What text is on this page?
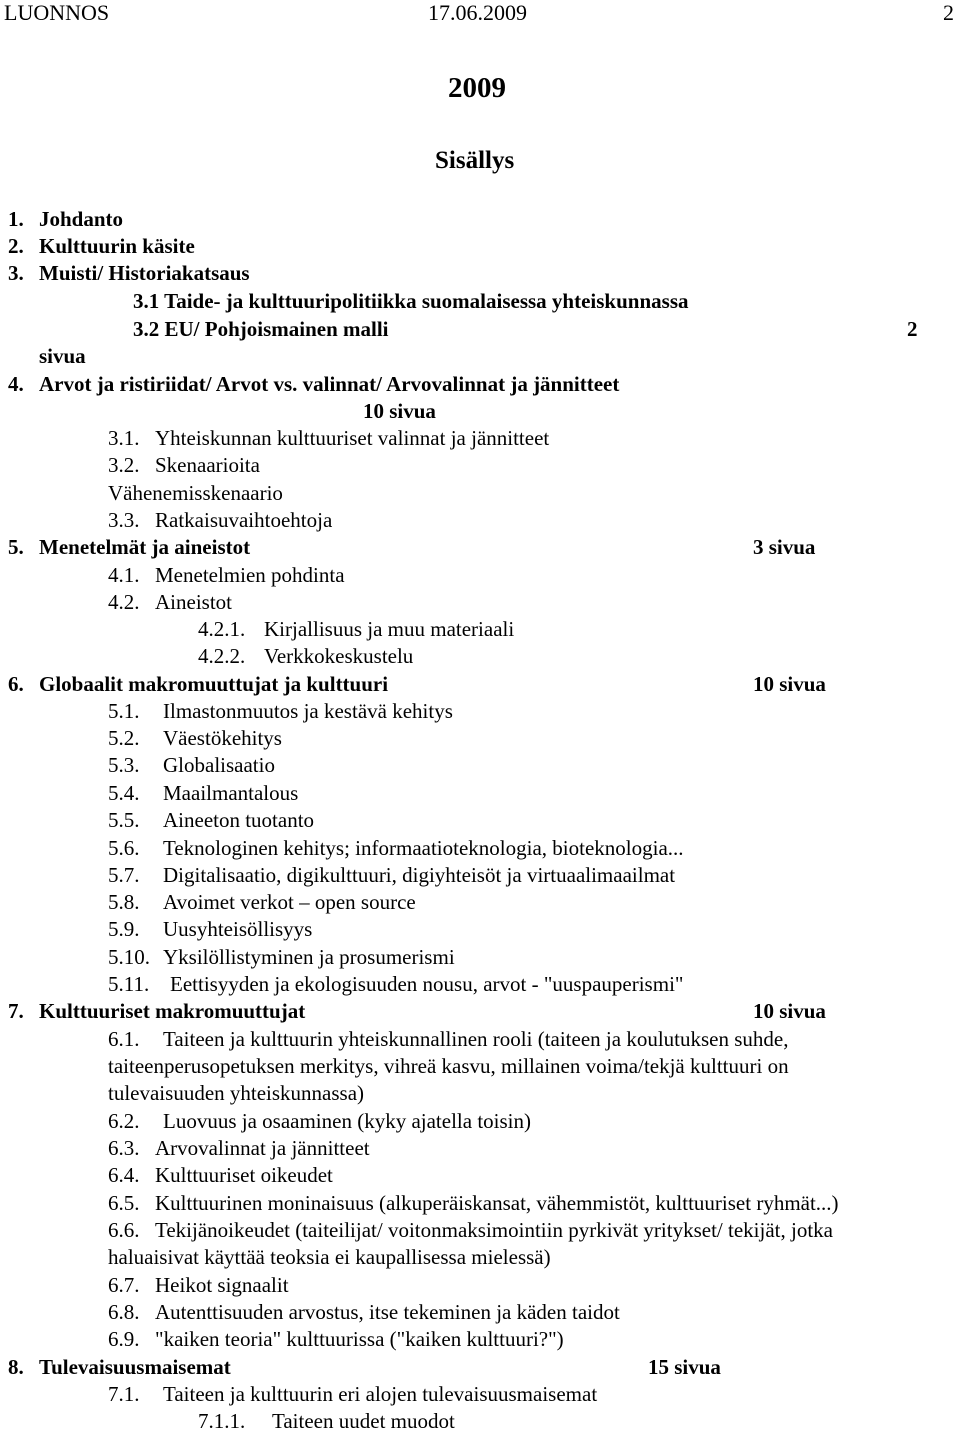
LUONNOS	17.06.2009	2
2009
Sisällys
1. Johdanto
2. Kulttuurin käsite
3. Muisti/ Historiakatsaus
3.1 Taide- ja kulttuuripolitiikka suomalaisessa yhteiskunnassa
3.2 EU/ Pohjoismainen malli	2
sivua
4. Arvot ja ristiriidat/ Arvot vs. valinnat/ Arvovalinnat ja jännitteet
10 sivua
3.1. Yhteiskunnan kulttuuriset valinnat ja jännitteet
3.2. Skenaarioita
Vähenemisskenaario
3.3. Ratkaisuvaihtoehtoja
5. Menetelmät ja aineistot	3 sivua
4.1. Menetelmien pohdinta
4.2. Aineistot
4.2.1. Kirjallisuus ja muu materiaali
4.2.2. Verkkokeskustelu
6. Globaalit makromuuttujat ja kulttuuri	10 sivua
5.1. Ilmastonmuutos ja kestävä kehitys
5.2. Väestökehitys
5.3. Globalisaatio
5.4. Maailmantalous
5.5. Aineeton tuotanto
5.6. Teknologinen kehitys; informaatioteknologia, bioteknologia...
5.7. Digitalisaatio, digikulttuuri, digiyhteisöt ja virtuaalimaailmat
5.8. Avoimet verkot – open source
5.9. Uusyhteisöllisyys
5.10. Yksilöllistyminen ja prosumerismi
5.11. Eettisyyden ja ekologisuuden nousu, arvot - "uuspauperismi"
7. Kulttuuriset makromuuttujat	10 sivua
6.1. Taiteen ja kulttuurin yhteiskunnallinen rooli (taiteen ja koulutuksen suhde,
taiteenperusopetuksen merkitys, vihreä kasvu, millainen voima/tekjä kulttuuri on
tulevaisuuden yhteiskunnassa)
6.2. Luovuus ja osaaminen (kyky ajatella toisin)
6.3. Arvovalinnat ja jännitteet
6.4. Kulttuuriset oikeudet
6.5. Kulttuurinen moninaisuus (alkuperäiskansat, vähemmistöt, kulttuuriset ryhmät...)
6.6. Tekijänoikeudet (taiteilijat/ voitonmaksimointiin pyrkivät yritykset/ tekijät, jotka
haluaisivat käyttää teoksia ei kaupallisessa mielessä)
6.7. Heikot signaalit
6.8. Autenttisuuden arvostus, itse tekeminen ja käden taidot
6.9. "kaiken teoria" kulttuurissa ("kaiken kulttuuri?")
8. Tulevaisuusmaisemat	15 sivua
7.1. Taiteen ja kulttuurin eri alojen tulevaisuusmaisemat
7.1.1. Taiteen uudet muodot
